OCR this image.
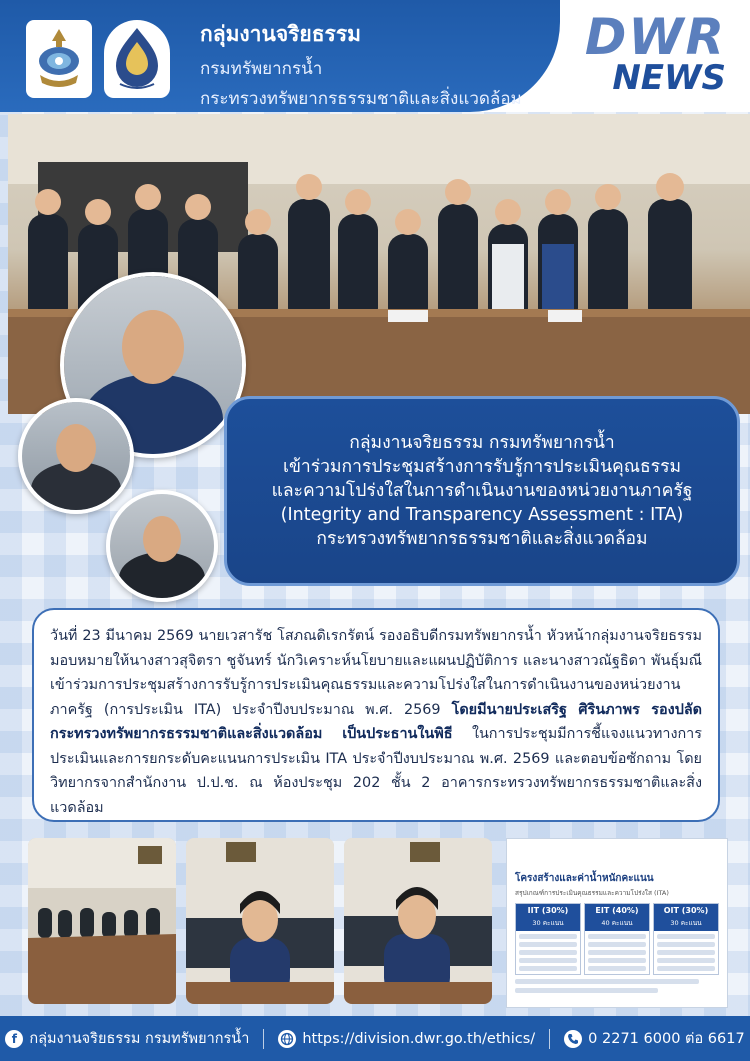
กลุ่มงานจริยธรรม
กรมทรัพยากรน้ำ
กระทรวงทรัพยากรธรรมชาติและสิ่งแวดล้อม
DWR
NEWS
กลุ่มงานจริยธรรม กรมทรัพยากรน้ำ
เข้าร่วมการประชุมสร้างการรับรู้การประเมินคุณธรรม
และความโปร่งใสในการดำเนินงานของหน่วยงานภาครัฐ
(Integrity and Transparency Assessment : ITA)
กระทรวงทรัพยากรธรรมชาติและสิ่งแวดล้อม
วันที่ 23 มีนาคม 2569 นายเวสารัช โสภณดิเรกรัตน์ รองอธิบดีกรมทรัพยากรน้ำ หัวหน้ากลุ่มงานจริยธรรมมอบหมายให้นางสาวสุจิตรา ชูจันทร์ นักวิเคราะห์นโยบายและแผนปฏิบัติการ และนางสาวณัฐธิดา พันธุ์มณี เข้าร่วมการประชุมสร้างการรับรู้การประเมินคุณธรรมและความโปร่งใสในการดำเนินงานของหน่วยงานภาครัฐ (การประเมิน ITA) ประจำปีงบประมาณ พ.ศ. 2569 โดยมีนายประเสริฐ ศิรินภาพร รองปลัดกระทรวงทรัพยากรธรรมชาติและสิ่งแวดล้อม เป็นประธานในพิธี ในการประชุมมีการชี้แจงแนวทางการประเมินและการยกระดับคะแนนการประเมิน ITA ประจำปีงบประมาณ พ.ศ. 2569 และตอบข้อซักถาม โดยวิทยากรจากสำนักงาน ป.ป.ช. ณ ห้องประชุม 202 ชั้น 2 อาคารกระทรวงทรัพยากรธรรมชาติและสิ่งแวดล้อม
โครงสร้างและค่าน้ำหนักคะแนน
สรุปเกณฑ์การประเมินคุณธรรมและความโปร่งใส (ITA)
IIT (30%)
30 คะแนน
EIT (40%)
40 คะแนน
OIT (30%)
30 คะแนน
f กลุ่มงานจริยธรรม กรมทรัพยากรน้ำ	https://division.dwr.go.th/ethics/	0 2271 6000 ต่อ 6617
